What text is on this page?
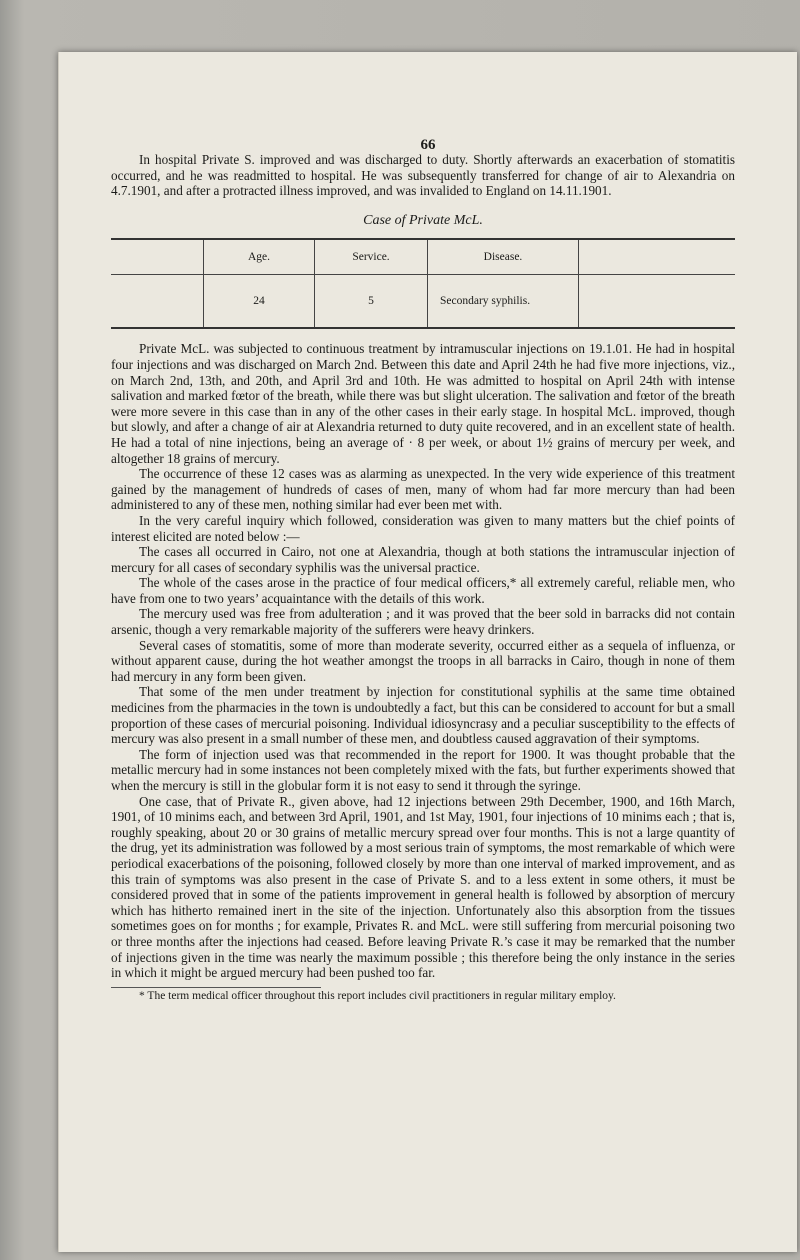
66

In hospital Private S. improved and was discharged to duty. Shortly afterwards an exacerbation of stomatitis occurred, and he was readmitted to hospital. He was subsequently transferred for change of air to Alexandria on 4.7.1901, and after a protracted illness improved, and was invalided to England on 14.11.1901.

Case of Private McL.
	Age.	Service.	Disease.	
	24	5	Secondary syphilis.	

Private McL. was subjected to continuous treatment by intramuscular injections on 19.1.01. He had in hospital four injections and was discharged on March 2nd. Between this date and April 24th he had five more injections, viz., on March 2nd, 13th, and 20th, and April 3rd and 10th. He was admitted to hospital on April 24th with intense salivation and marked fœtor of the breath, while there was but slight ulceration. The salivation and fœtor of the breath were more severe in this case than in any of the other cases in their early stage. In hospital McL. improved, though but slowly, and after a change of air at Alexandria returned to duty quite recovered, and in an excellent state of health. He had a total of nine injections, being an average of · 8 per week, or about 1½ grains of mercury per week, and altogether 18 grains of mercury.

The occurrence of these 12 cases was as alarming as unexpected. In the very wide experience of this treatment gained by the management of hundreds of cases of men, many of whom had far more mercury than had been administered to any of these men, nothing similar had ever been met with.

In the very careful inquiry which followed, consideration was given to many matters but the chief points of interest elicited are noted below :—

The cases all occurred in Cairo, not one at Alexandria, though at both stations the intramuscular injection of mercury for all cases of secondary syphilis was the universal practice.

The whole of the cases arose in the practice of four medical officers,* all extremely careful, reliable men, who have from one to two years’ acquaintance with the details of this work.

The mercury used was free from adulteration ; and it was proved that the beer sold in barracks did not contain arsenic, though a very remarkable majority of the sufferers were heavy drinkers.

Several cases of stomatitis, some of more than moderate severity, occurred either as a sequela of influenza, or without apparent cause, during the hot weather amongst the troops in all barracks in Cairo, though in none of them had mercury in any form been given.

That some of the men under treatment by injection for constitutional syphilis at the same time obtained medicines from the pharmacies in the town is undoubtedly a fact, but this can be considered to account for but a small proportion of these cases of mercurial poisoning. Individual idiosyncrasy and a peculiar susceptibility to the effects of mercury was also present in a small number of these men, and doubtless caused aggravation of their symptoms.

The form of injection used was that recommended in the report for 1900. It was thought probable that the metallic mercury had in some instances not been completely mixed with the fats, but further experiments showed that when the mercury is still in the globular form it is not easy to send it through the syringe.

One case, that of Private R., given above, had 12 injections between 29th December, 1900, and 16th March, 1901, of 10 minims each, and between 3rd April, 1901, and 1st May, 1901, four injections of 10 minims each ; that is, roughly speaking, about 20 or 30 grains of metallic mercury spread over four months. This is not a large quantity of the drug, yet its administration was followed by a most serious train of symptoms, the most remarkable of which were periodical exacerbations of the poisoning, followed closely by more than one interval of marked improvement, and as this train of symptoms was also present in the case of Private S. and to a less extent in some others, it must be considered proved that in some of the patients improvement in general health is followed by absorption of mercury which has hitherto remained inert in the site of the injection. Unfortunately also this absorption from the tissues sometimes goes on for months ; for example, Privates R. and McL. were still suffering from mercurial poisoning two or three months after the injections had ceased. Before leaving Private R.’s case it may be remarked that the number of injections given in the time was nearly the maximum possible ; this therefore being the only instance in the series in which it might be argued mercury had been pushed too far.

* The term medical officer throughout this report includes civil practitioners in regular military employ.
